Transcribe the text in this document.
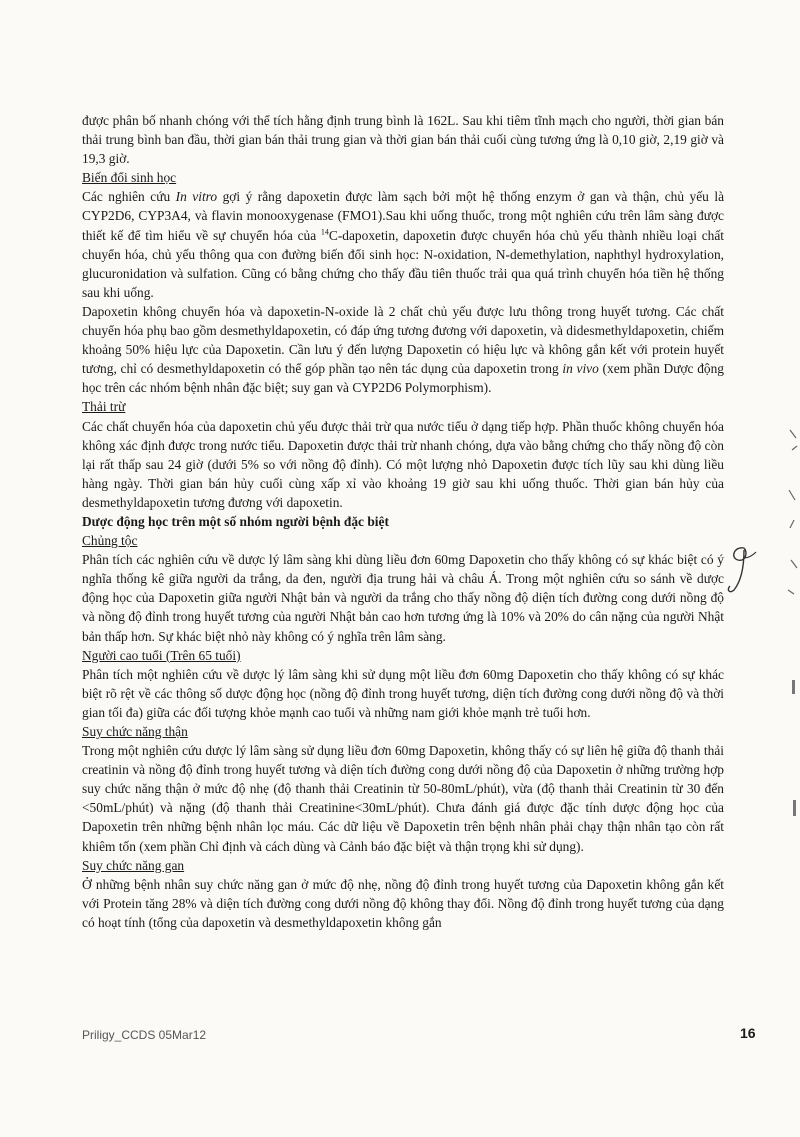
được phân bố nhanh chóng với thể tích hằng định trung bình là 162L. Sau khi tiêm tĩnh mạch cho người, thời gian bán thải trung bình ban đầu, thời gian bán thải trung gian và thời gian bán thải cuối cùng tương ứng là 0,10 giờ, 2,19 giờ và 19,3 giờ.

Biến đổi sinh học

Các nghiên cứu In vitro gợi ý rằng dapoxetin được làm sạch bởi một hệ thống enzym ở gan và thận, chủ yếu là CYP2D6, CYP3A4, và flavin monooxygenase (FMO1).Sau khi uống thuốc, trong một nghiên cứu trên lâm sàng được thiết kế để tìm hiểu về sự chuyển hóa của $^{14}$C-dapoxetin, dapoxetin được chuyển hóa chủ yếu thành nhiều loại chất chuyển hóa, chủ yếu thông qua con đường biến đổi sinh học: N-oxidation, N-demethylation, naphthyl hydroxylation, glucuronidation và sulfation. Cũng có bằng chứng cho thấy đầu tiên thuốc trải qua quá trình chuyển hóa tiền hệ thống sau khi uống.

Dapoxetin không chuyển hóa và dapoxetin-N-oxide là 2 chất chủ yếu được lưu thông trong huyết tương. Các chất chuyển hóa phụ bao gồm desmethyldapoxetin, có đáp ứng tương đương với dapoxetin, và didesmethyldapoxetin, chiếm khoảng 50% hiệu lực của Dapoxetin. Cần lưu ý đến lượng Dapoxetin có hiệu lực và không gắn kết với protein huyết tương, chỉ có desmethyldapoxetin có thể góp phần tạo nên tác dụng của dapoxetin trong in vivo (xem phần Dược động học trên các nhóm bệnh nhân đặc biệt; suy gan và CYP2D6 Polymorphism).

Thải trừ

Các chất chuyển hóa của dapoxetin chủ yếu được thải trừ qua nước tiểu ở dạng tiếp hợp. Phần thuốc không chuyển hóa không xác định được trong nước tiểu. Dapoxetin được thải trừ nhanh chóng, dựa vào bằng chứng cho thấy nồng độ còn lại rất thấp sau 24 giờ (dưới 5% so với nồng độ đỉnh). Có một lượng nhỏ Dapoxetin được tích lũy sau khi dùng liều hàng ngày. Thời gian bán hủy cuối cùng xấp xỉ vào khoảng 19 giờ sau khi uống thuốc. Thời gian bán hủy của desmethyldapoxetin tương đương với dapoxetin.

Dược động học trên một số nhóm người bệnh đặc biệt
Chủng tộc

Phân tích các nghiên cứu về dược lý lâm sàng khi dùng liều đơn 60mg Dapoxetin cho thấy không có sự khác biệt có ý nghĩa thống kê giữa người da trắng, da đen, người địa trung hải và châu Á. Trong một nghiên cứu so sánh về dược động học của Dapoxetin giữa người Nhật bản và người da trắng cho thấy nồng độ diện tích đường cong dưới nồng độ và nồng độ đỉnh trong huyết tương của người Nhật bản cao hơn tương ứng là 10% và 20% do cân nặng của người Nhật bản thấp hơn. Sự khác biệt nhỏ này không có ý nghĩa trên lâm sàng.

Người cao tuổi (Trên 65 tuổi)

Phân tích một nghiên cứu về dược lý lâm sàng khi sử dụng một liều đơn 60mg Dapoxetin cho thấy không có sự khác biệt rõ rệt về các thông số dược động học (nồng độ đỉnh trong huyết tương, diện tích đường cong dưới nồng độ và thời gian tối đa) giữa các đối tượng khỏe mạnh cao tuổi và những nam giới khỏe mạnh trẻ tuổi hơn.

Suy chức năng thận

Trong một nghiên cứu dược lý lâm sàng sử dụng liều đơn 60mg Dapoxetin, không thấy có sự liên hệ giữa độ thanh thải creatinin và nồng độ đỉnh trong huyết tương và diện tích đường cong dưới nồng độ của Dapoxetin ở những trường hợp suy chức năng thận ở mức độ nhẹ (độ thanh thải Creatinin từ 50-80mL/phút), vừa (độ thanh thải Creatinin từ 30 đến <50mL/phút) và nặng (độ thanh thải Creatinine<30mL/phút). Chưa đánh giá được đặc tính dược động học của Dapoxetin trên những bệnh nhân lọc máu. Các dữ liệu về Dapoxetin trên bệnh nhân phải chạy thận nhân tạo còn rất khiêm tốn (xem phần Chỉ định và cách dùng và Cảnh báo đặc biệt và thận trọng khi sử dụng).

Suy chức năng gan

Ở những bệnh nhân suy chức năng gan ở mức độ nhẹ, nồng độ đỉnh trong huyết tương của Dapoxetin không gắn kết với Protein tăng 28% và diện tích đường cong dưới nồng độ không thay đổi. Nồng độ đỉnh trong huyết tương của dạng có hoạt tính (tổng của dapoxetin và desmethyldapoxetin không gắn

Priligy_CCDS 05Mar12	16
